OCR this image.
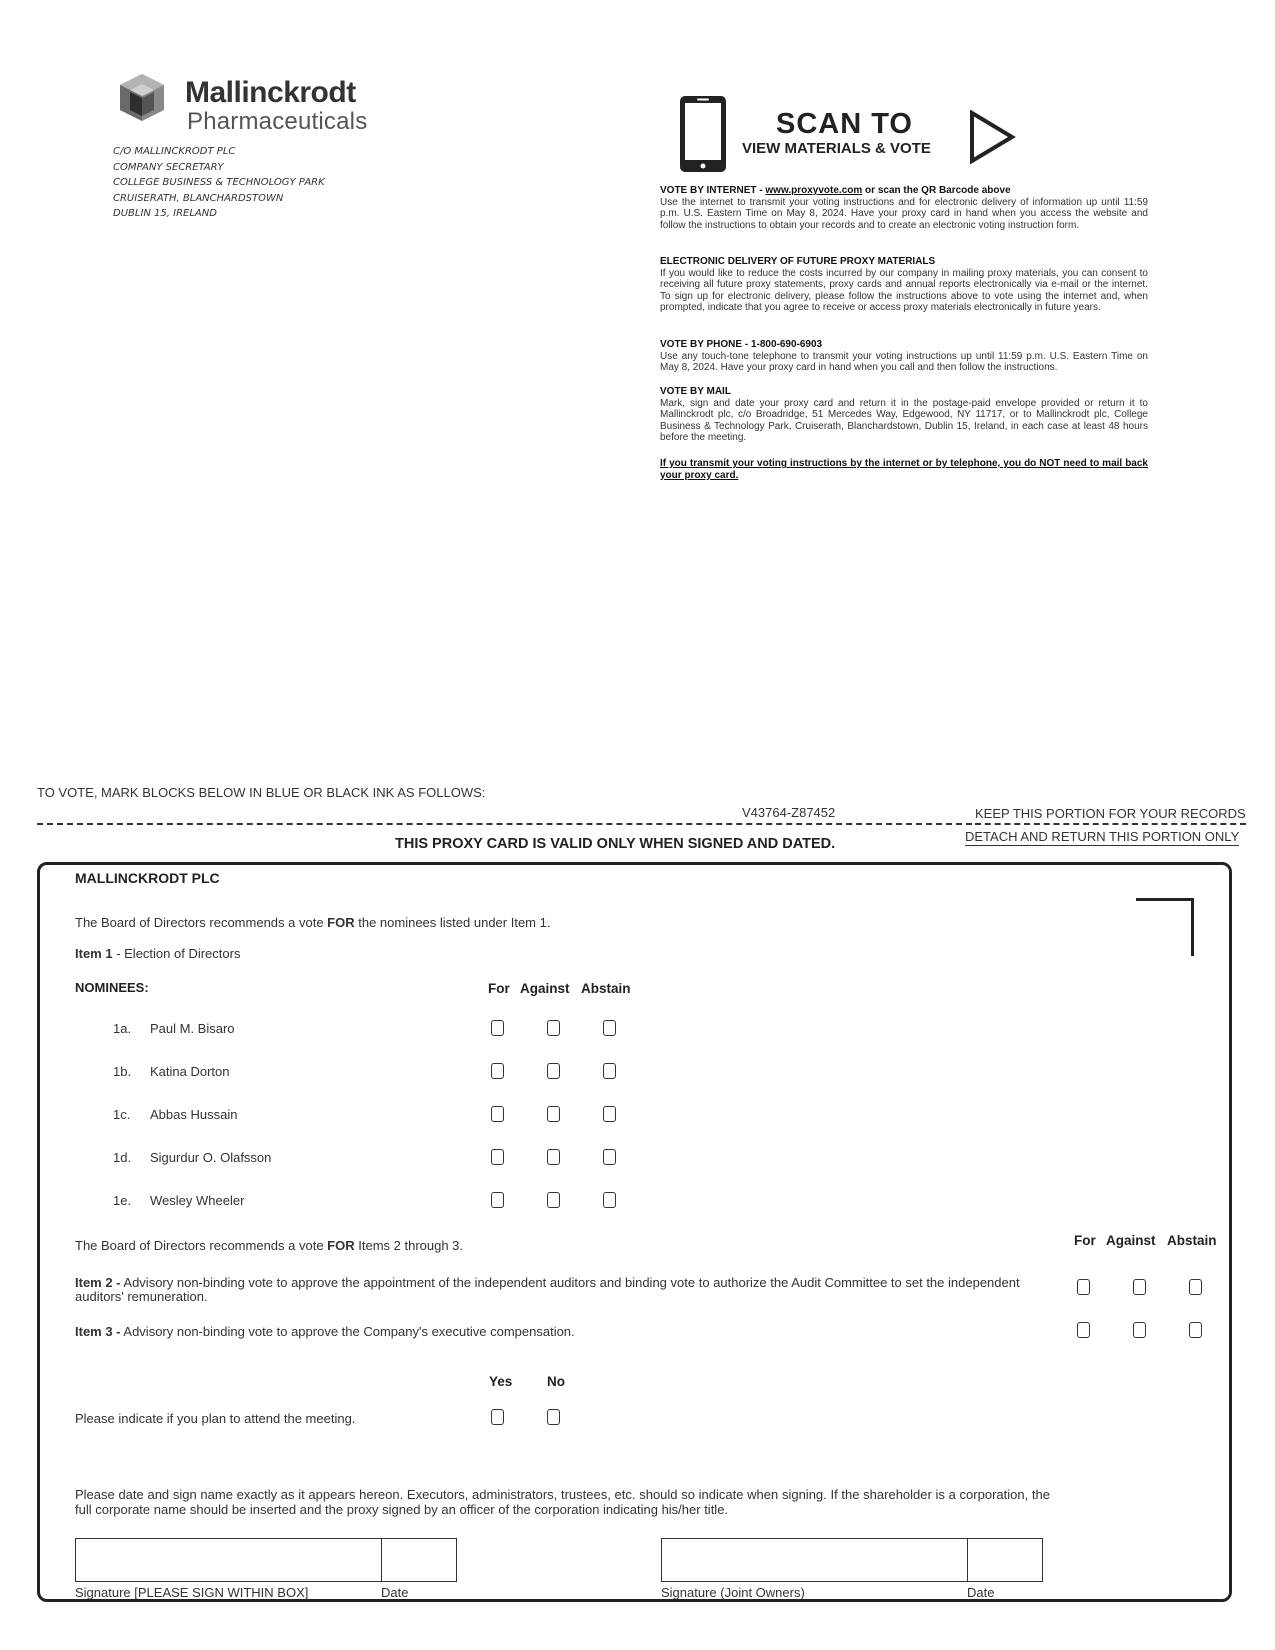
Mallinckrodt
Pharmaceuticals
C/O MALLINCKRODT PLC
COMPANY SECRETARY
COLLEGE BUSINESS & TECHNOLOGY PARK
CRUISERATH, BLANCHARDSTOWN
DUBLIN 15, IRELAND
SCAN TO
VIEW MATERIALS & VOTE
VOTE BY INTERNET - www.proxyvote.com or scan the QR Barcode above
Use the internet to transmit your voting instructions and for electronic delivery of information up until 11:59 p.m. U.S. Eastern Time on May 8, 2024. Have your proxy card in hand when you access the website and follow the instructions to obtain your records and to create an electronic voting instruction form.
ELECTRONIC DELIVERY OF FUTURE PROXY MATERIALS
If you would like to reduce the costs incurred by our company in mailing proxy materials, you can consent to receiving all future proxy statements, proxy cards and annual reports electronically via e-mail or the internet. To sign up for electronic delivery, please follow the instructions above to vote using the internet and, when prompted, indicate that you agree to receive or access proxy materials electronically in future years.
VOTE BY PHONE - 1-800-690-6903
Use any touch-tone telephone to transmit your voting instructions up until 11:59 p.m. U.S. Eastern Time on May 8, 2024. Have your proxy card in hand when you call and then follow the instructions.
VOTE BY MAIL
Mark, sign and date your proxy card and return it in the postage-paid envelope provided or return it to Mallinckrodt plc, c/o Broadridge, 51 Mercedes Way, Edgewood, NY 11717, or to Mallinckrodt plc, College Business & Technology Park, Cruiserath, Blanchardstown, Dublin 15, Ireland, in each case at least 48 hours before the meeting.
If you transmit your voting instructions by the internet or by telephone, you do NOT need to mail back your proxy card.
TO VOTE, MARK BLOCKS BELOW IN BLUE OR BLACK INK AS FOLLOWS:
V43764-Z87452	KEEP THIS PORTION FOR YOUR RECORDS
DETACH AND RETURN THIS PORTION ONLY
THIS PROXY CARD IS VALID ONLY WHEN SIGNED AND DATED.
MALLINCKRODT PLC
The Board of Directors recommends a vote FOR the nominees listed under Item 1.
Item 1 - Election of Directors
NOMINEES:	For Against Abstain
1a. Paul M. Bisaro
1b. Katina Dorton
1c. Abbas Hussain
1d. Sigurdur O. Olafsson
1e. Wesley Wheeler
The Board of Directors recommends a vote FOR Items 2 through 3.	For Against Abstain
Item 2 - Advisory non-binding vote to approve the appointment of the independent auditors and binding vote to authorize the Audit Committee to set the independent auditors' remuneration.
Item 3 - Advisory non-binding vote to approve the Company's executive compensation.
Yes	No
Please indicate if you plan to attend the meeting.
Please date and sign name exactly as it appears hereon. Executors, administrators, trustees, etc. should so indicate when signing. If the shareholder is a corporation, the full corporate name should be inserted and the proxy signed by an officer of the corporation indicating his/her title.
Signature [PLEASE SIGN WITHIN BOX]	Date	Signature (Joint Owners)	Date
